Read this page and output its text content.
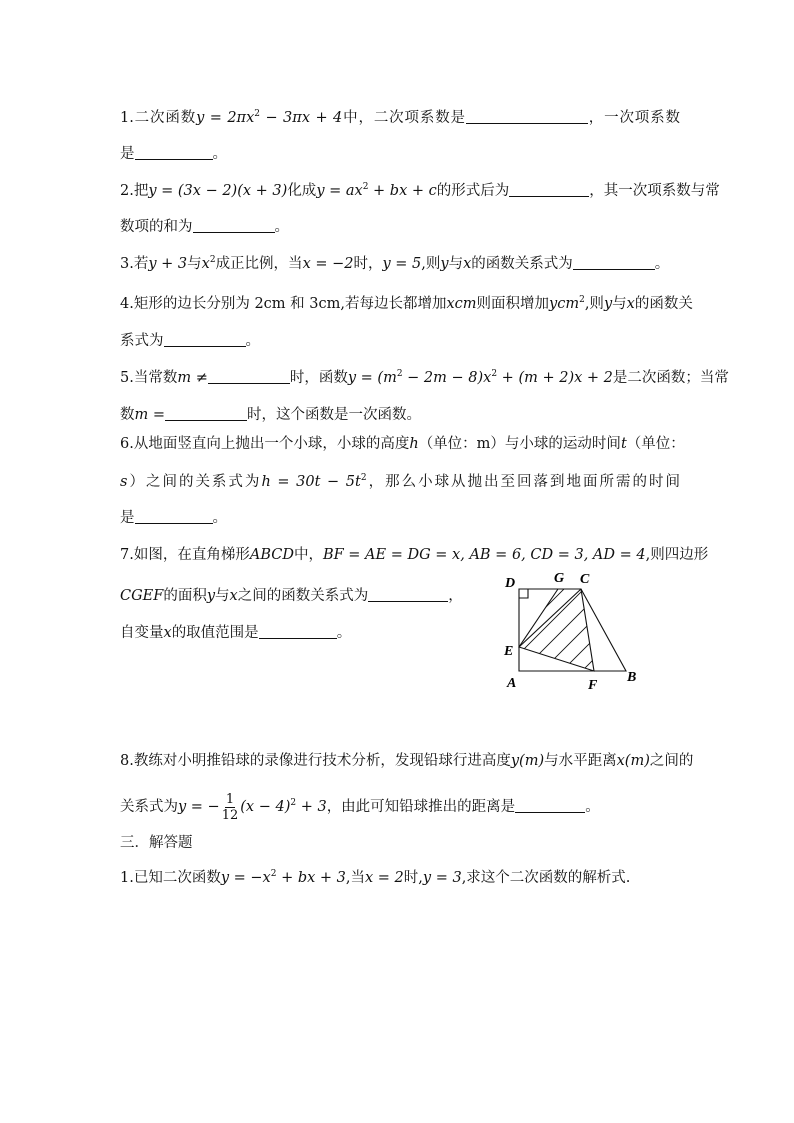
1.二次函数$y = 2\pi x^2 - 3\pi x + 4$中，二次项系数是	，一次项系数
是	。
2.把y = (3x − 2)(x + 3)化成$y = ax^2$ + bx + c的形式后为	，其一次项系数与常
数项的和为	。
3.若y + 3与$x^2$成正比例，当x = −2时，y = 5,则y与x的函数关系式为	。
4.矩形的边长分别为 2cm 和 3cm,若每边长都增加xcm则面积增加ycm$^2$,则y与x的函数关
系式为	。
5.当常数m ≠	时，函数$y = (m^2 - 2m - 8)x^2 + (m + 2)x + 2$是二次函数；当常
数m =	时，这个函数是一次函数。
6.从地面竖直向上抛出一个小球，小球的高度h（单位：m）与小球的运动时间t（单位：
s）之间的关系式为$h = 30t - 5t^2$，那么小球从抛出至回落到地面所需的时间
是	。
7.如图，在直角梯形ABCD中，BF = AE = DG = x, AB = 6, CD = 3, AD = 4,则四边形
CGEF的面积y与x之间的函数关系式为	，
自变量x的取值范围是	。
D	G C
E
A	F
B
8.教练对小明推铅球的录像进行技术分析，发现铅球行进高度y(m)与水平距离x(m)之间的
关系式为y = − $\frac{1}{12} (x - 4)^2 + 3$，由此可知铅球推出的距离是	。
三．解答题
1.已知二次函数$y = -x^2$ + bx + 3,当x = 2时,y = 3,求这个二次函数的解析式.
